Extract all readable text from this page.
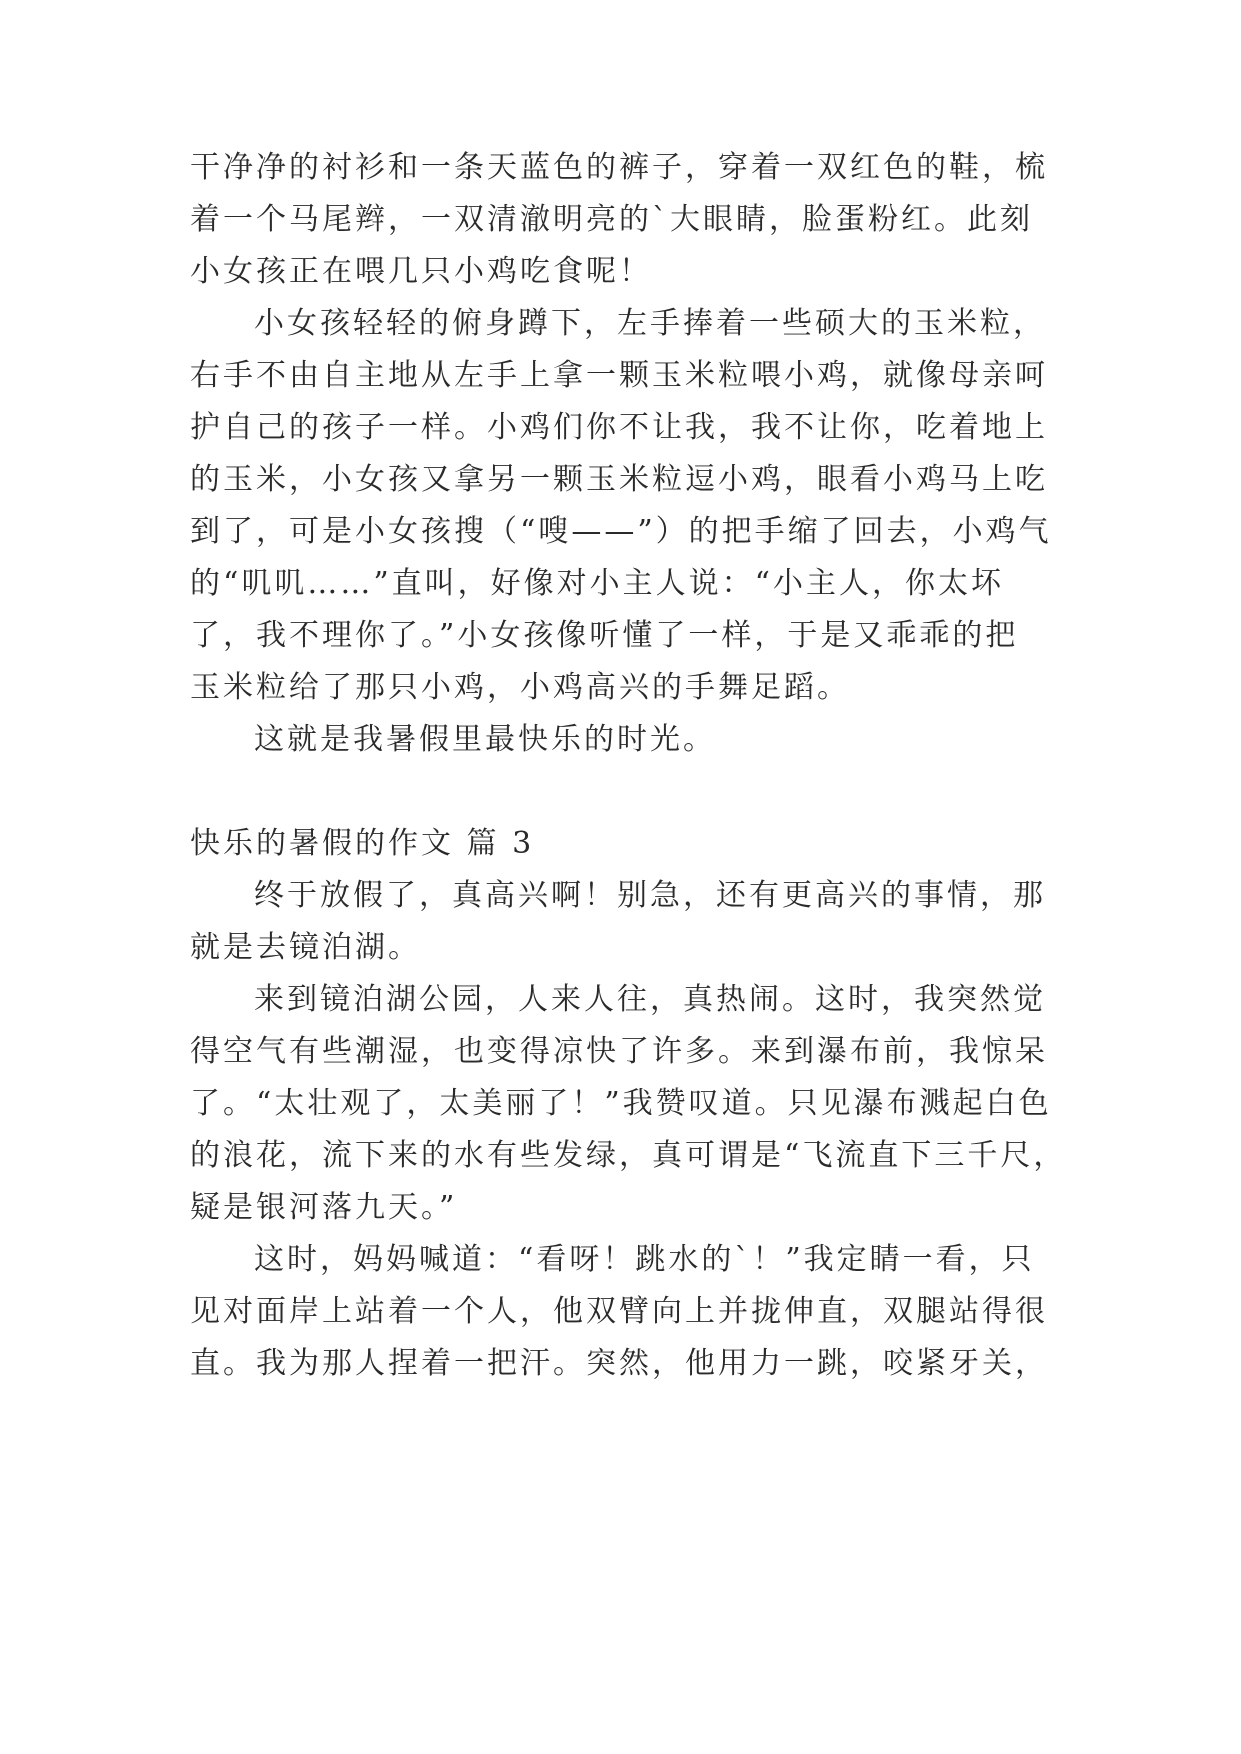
干净净的衬衫和一条天蓝色的裤子，穿着一双红色的鞋，梳
着一个马尾辫，一双清澈明亮的`大眼睛，脸蛋粉红。此刻
小女孩正在喂几只小鸡吃食呢！
小女孩轻轻的俯身蹲下，左手捧着一些硕大的玉米粒，
右手不由自主地从左手上拿一颗玉米粒喂小鸡，就像母亲呵
护自己的孩子一样。小鸡们你不让我，我不让你，吃着地上
的玉米，小女孩又拿另一颗玉米粒逗小鸡，眼看小鸡马上吃
到了，可是小女孩搜（“嗖——”）的把手缩了回去，小鸡气
的“叽叽……”直叫，好像对小主人说：“小主人，你太坏
了，我不理你了。”小女孩像听懂了一样，于是又乖乖的把
玉米粒给了那只小鸡，小鸡高兴的手舞足蹈。
这就是我暑假里最快乐的时光。
快乐的暑假的作文 篇 3
终于放假了，真高兴啊！别急，还有更高兴的事情，那
就是去镜泊湖。
来到镜泊湖公园，人来人往，真热闹。这时，我突然觉
得空气有些潮湿，也变得凉快了许多。来到瀑布前，我惊呆
了。“太壮观了，太美丽了！”我赞叹道。只见瀑布溅起白色
的浪花，流下来的水有些发绿，真可谓是“飞流直下三千尺，
疑是银河落九天。”
这时，妈妈喊道：“看呀！跳水的`！”我定睛一看，只
见对面岸上站着一个人，他双臂向上并拢伸直，双腿站得很
直。我为那人捏着一把汗。突然，他用力一跳，咬紧牙关，
